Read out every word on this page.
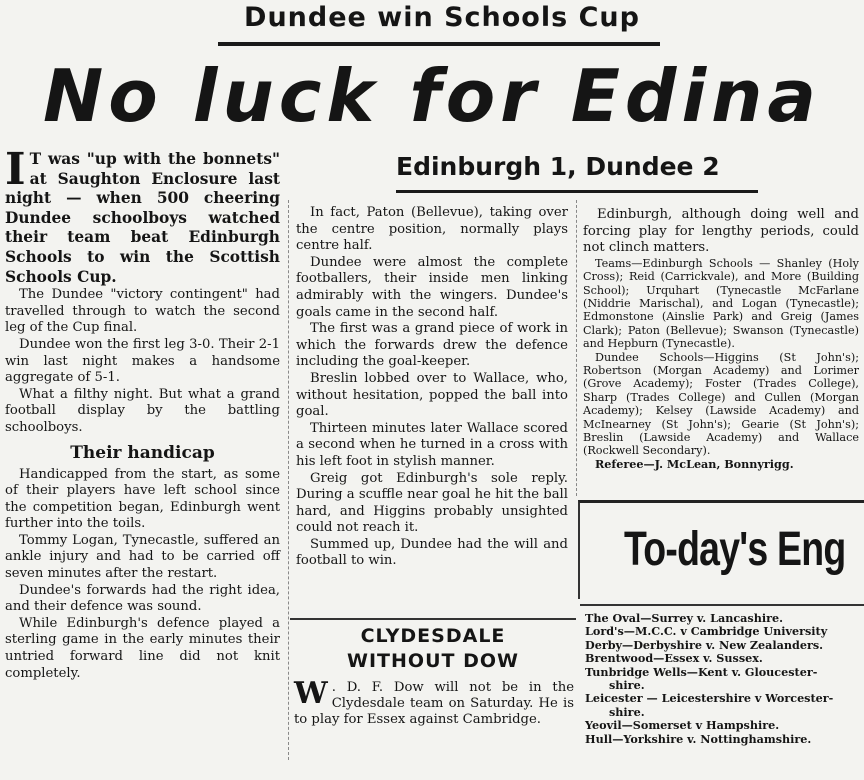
Dundee win Schools Cup
No luck for Edina
Edinburgh 1, Dundee 2

I T was "up with the bonnets" at Saughton Enclosure last night — when 500 cheering Dundee schoolboys watched their team beat Edinburgh Schools to win the Scottish Schools Cup.

The Dundee "victory contingent" had travelled through to watch the second leg of the Cup final.

Dundee won the first leg 3-0. Their 2-1 win last night makes a handsome aggregate of 5-1.

What a filthy night. But what a grand football display by the battling schoolboys.

Their handicap

Handicapped from the start, as some of their players have left school since the competition began, Edinburgh went further into the toils.

Tommy Logan, Tynecastle, suffered an ankle injury and had to be carried off seven minutes after the restart.

Dundee's forwards had the right idea, and their defence was sound.

While Edinburgh's defence played a sterling game in the early minutes their untried forward line did not knit completely.

In fact, Paton (Bellevue), taking over the centre position, normally plays centre half.

Dundee were almost the complete footballers, their inside men linking admirably with the wingers. Dundee's goals came in the second half.

The first was a grand piece of work in which the forwards drew the defence including the goal-keeper.

Breslin lobbed over to Wallace, who, without hesitation, popped the ball into goal.

Thirteen minutes later Wallace scored a second when he turned in a cross with his left foot in stylish manner.

Greig got Edinburgh's sole reply. During a scuffle near goal he hit the ball hard, and Higgins probably unsighted could not reach it.

Summed up, Dundee had the will and football to win.

Edinburgh, although doing well and forcing play for lengthy periods, could not clinch matters.

Teams—Edinburgh Schools — Shanley (Holy Cross); Reid (Carrickvale), and More (Building School); Urquhart (Tynecastle McFarlane (Niddrie Marischal), and Logan (Tynecastle); Edmonstone (Ainslie Park) and Greig (James Clark); Paton (Bellevue); Swanson (Tynecastle) and Hepburn (Tynecastle).

Dundee Schools—Higgins (St John's); Robertson (Morgan Academy) and Lorimer (Grove Academy); Foster (Trades College), Sharp (Trades College) and Cullen (Morgan Academy); Kelsey (Lawside Academy) and McInearney (St John's); Gearie (St John's); Breslin (Lawside Academy) and Wallace (Rockwell Secondary).

Referee—J. McLean, Bonnyrigg.

CLYDESDALE
WITHOUT DOW

W . D. F. Dow will not be in the Clydesdale team on Saturday. He is to play for Essex against Cambridge.

To-day's Eng

The Oval—Surrey v. Lancashire.

Lord's—M.C.C. v Cambridge University

Derby—Derbyshire v. New Zealanders.

Brentwood—Essex v. Sussex.

Tunbridge Wells—Kent v. Gloucester-

shire.

Leicester — Leicestershire v Worcester-

shire.

Yeovil—Somerset v Hampshire.

Hull—Yorkshire v. Nottinghamshire.
